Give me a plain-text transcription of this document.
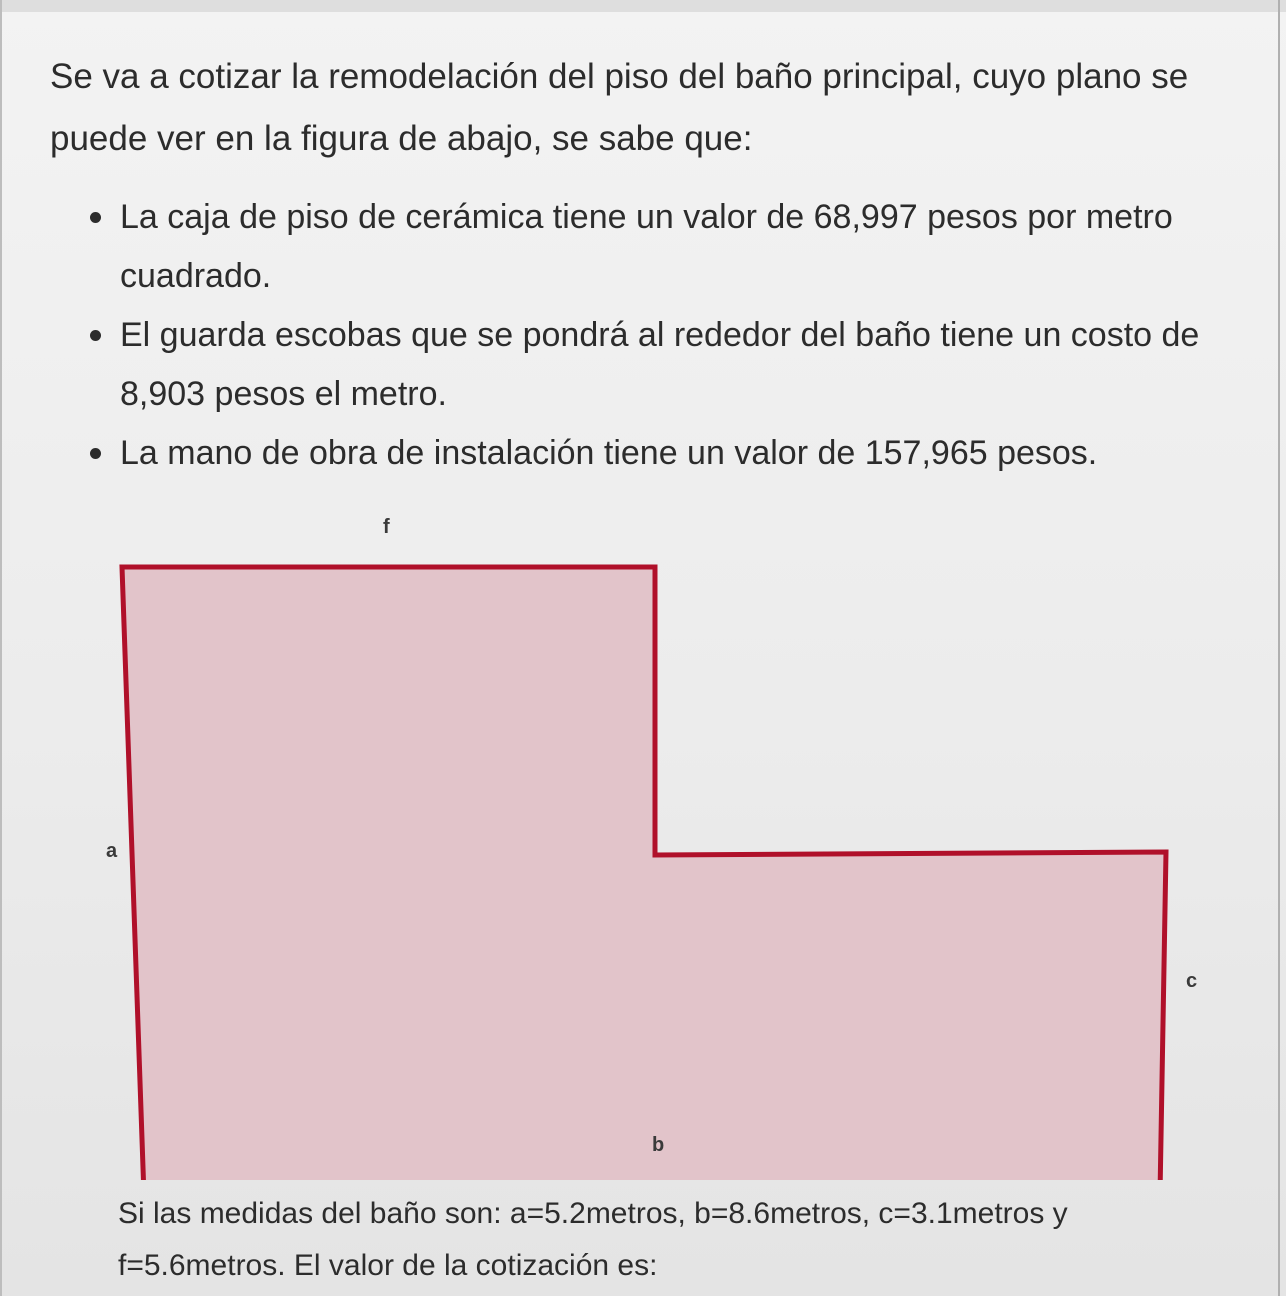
Se va a cotizar la remodelación del piso del baño principal, cuyo plano se puede ver en la figura de abajo, se sabe que:

La caja de piso de cerámica tiene un valor de 68,997 pesos por metro cuadrado.
El guarda escobas que se pondrá al rededor del baño tiene un costo de 8,903 pesos el metro.
La mano de obra de instalación tiene un valor de 157,965 pesos.
f
a
c
b
Si las medidas del baño son: a=5.2metros, b=8.6metros, c=3.1metros y f=5.6metros. El valor de la cotización es:
